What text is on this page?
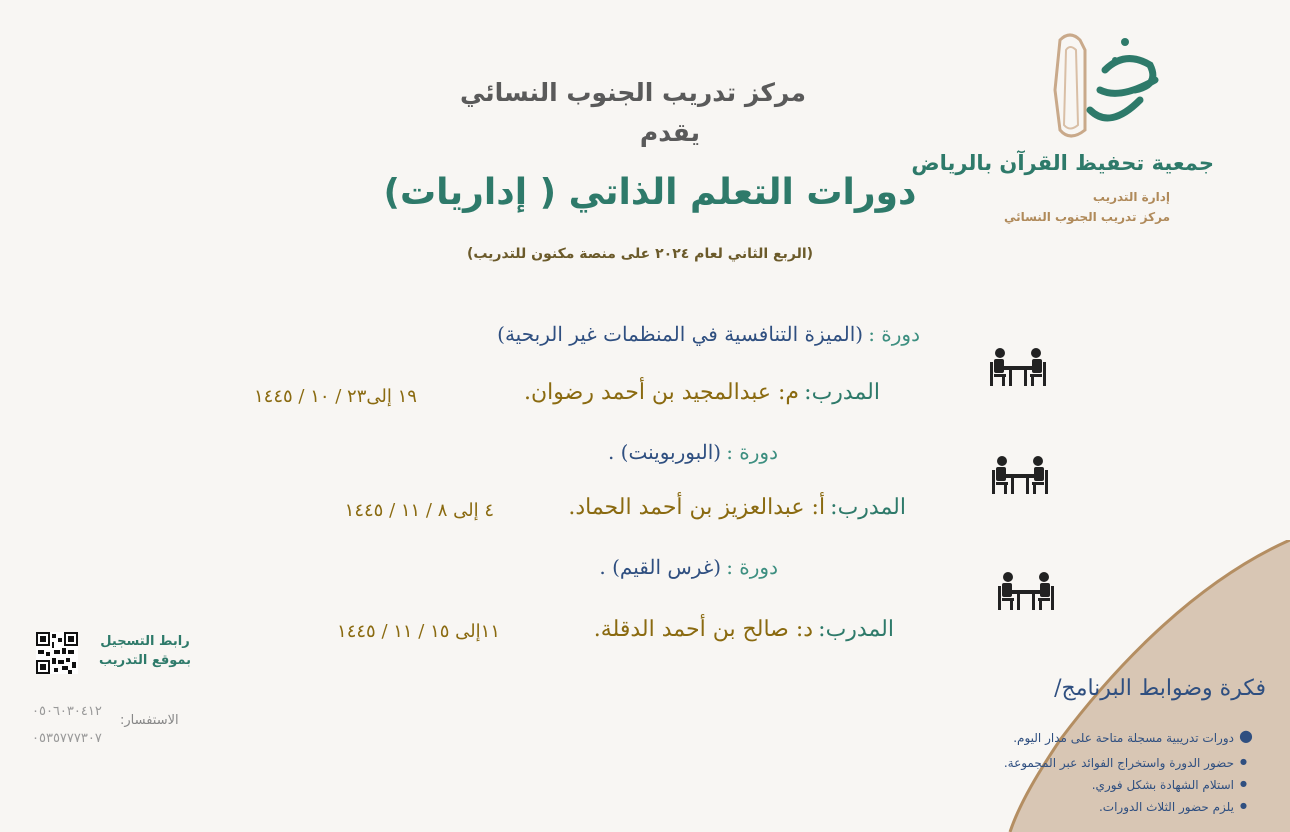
جمعية تحفيظ القرآن بالرياض
إدارة التدريب
مركز تدريب الجنوب النسائي
مركز تدريب الجنوب النسائي
يقدم
دورات التعلم الذاتي ( إداريات)
(الربع الثاني لعام ٢٠٢٤ على منصة مكنون للتدريب)
دورة : (الميزة التنافسية في المنظمات غير الربحية)
المدرب: م: عبدالمجيد بن أحمد رضوان.
١٩ إلى٢٣ / ١٠ / ١٤٤٥
دورة : (البوربوينت) .
المدرب: أ: عبدالعزيز بن أحمد الحماد.
٤ إلى ٨ / ١١ / ١٤٤٥
دورة : (غرس القيم) .
المدرب: د: صالح بن أحمد الدقلة.
١١إلى ١٥ / ١١ / ١٤٤٥
رابط التسجيل بموقع التدريب
الاستفسار:
٠٥٠٦٠٣٠٤١٢
٠٥٣٥٧٧٧٣٠٧
فكرة وضوابط البرنامج/
●
●
●
●
دورات تدريبية مسجلة متاحة على مدار اليوم.
حضور الدورة واستخراج الفوائد عبر المجموعة.
استلام الشهادة بشكل فوري.
يلزم حضور الثلاث الدورات.
